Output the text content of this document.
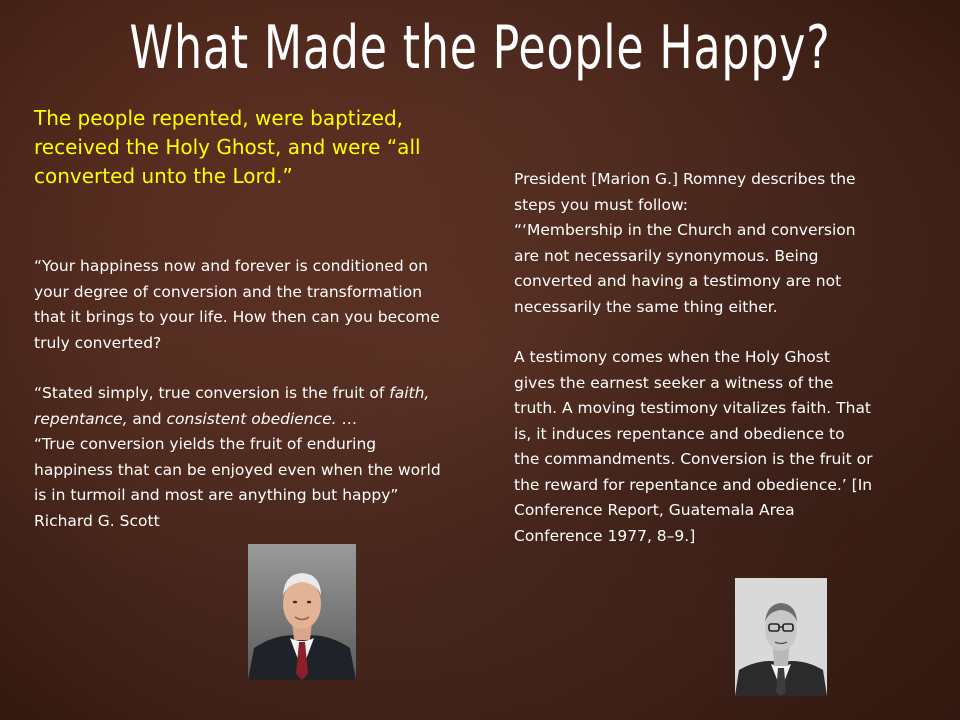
What Made the People Happy?
The people repented, were baptized, received the Holy Ghost, and were “all converted unto the Lord.”

“Your happiness now and forever is conditioned on your degree of conversion and the transformation that it brings to your life. How then can you become truly converted?

“Stated simply, true conversion is the fruit of faith, repentance, and consistent obedience. …

“True conversion yields the fruit of enduring happiness that can be enjoyed even when the world is in turmoil and most are anything but happy” Richard G. Scott

President [Marion G.] Romney describes the steps you must follow:

“‘Membership in the Church and conversion are not necessarily synonymous. Being converted and having a testimony are not necessarily the same thing either.

A testimony comes when the Holy Ghost gives the earnest seeker a witness of the truth. A moving testimony vitalizes faith. That is, it induces repentance and obedience to the commandments. Conversion is the fruit or the reward for repentance and obedience.’ [In Conference Report, Guatemala Area Conference 1977, 8–9.]
